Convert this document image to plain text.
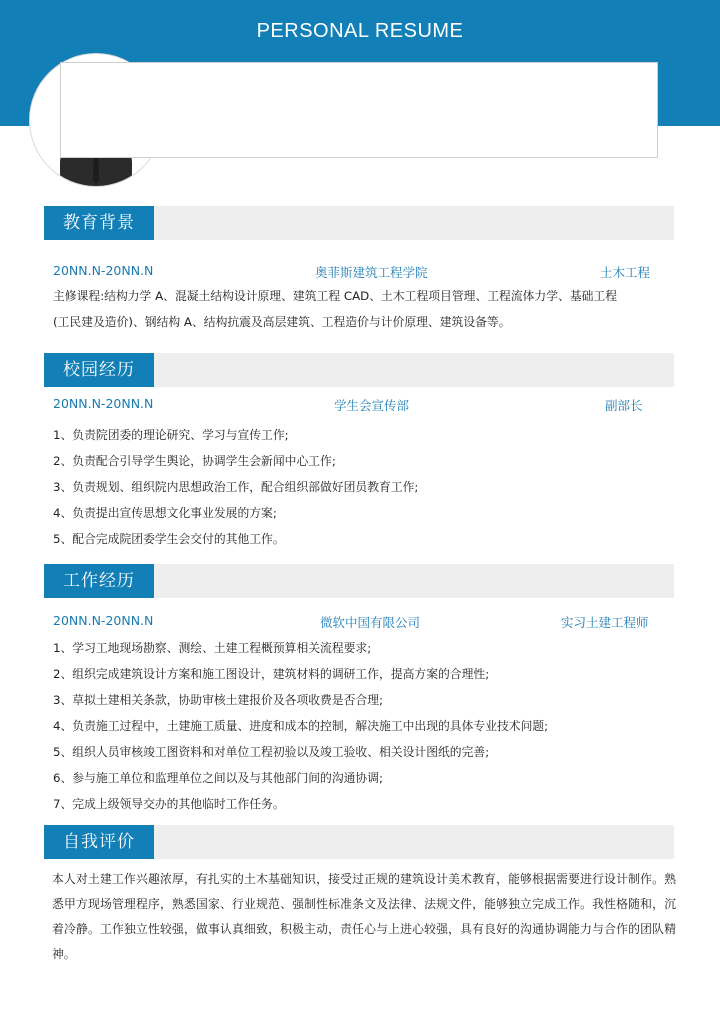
PERSONAL RESUME
教育背景
20NN.N-20NN.N	奥菲斯建筑工程学院	土木工程
主修课程:结构力学 A、混凝土结构设计原理、建筑工程 CAD、土木工程项目管理、工程流体力学、基础工程
(工民建及造价)、钢结构 A、结构抗震及高层建筑、工程造价与计价原理、建筑设备等。
校园经历
20NN.N-20NN.N	学生会宣传部	副部长
1、负责院团委的理论研究、学习与宣传工作;
2、负责配合引导学生舆论，协调学生会新闻中心工作;
3、负责规划、组织院内思想政治工作，配合组织部做好团员教育工作;
4、负责提出宣传思想文化事业发展的方案;
5、配合完成院团委学生会交付的其他工作。
工作经历
20NN.N-20NN.N	微软中国有限公司	实习土建工程师
1、学习工地现场勘察、测绘、土建工程概预算相关流程要求;
2、组织完成建筑设计方案和施工图设计，建筑材料的调研工作，提高方案的合理性;
3、草拟土建相关条款，协助审核土建报价及各项收费是否合理;
4、负责施工过程中，土建施工质量、进度和成本的控制，解决施工中出现的具体专业技术问题;
5、组织人员审核竣工图资料和对单位工程初验以及竣工验收、相关设计图纸的完善;
6、参与施工单位和监理单位之间以及与其他部门间的沟通协调;
7、完成上级领导交办的其他临时工作任务。
自我评价
本人对土建工作兴趣浓厚，有扎实的土木基础知识，接受过正规的建筑设计美术教育，能够根据需要进行设计制作。熟悉甲方现场管理程序，熟悉国家、行业规范、强制性标准条文及法律、法规文件，能够独立完成工作。我性格随和，沉着冷静。工作独立性较强，做事认真细致，积极主动，责任心与上进心较强，具有良好的沟通协调能力与合作的团队精神。
